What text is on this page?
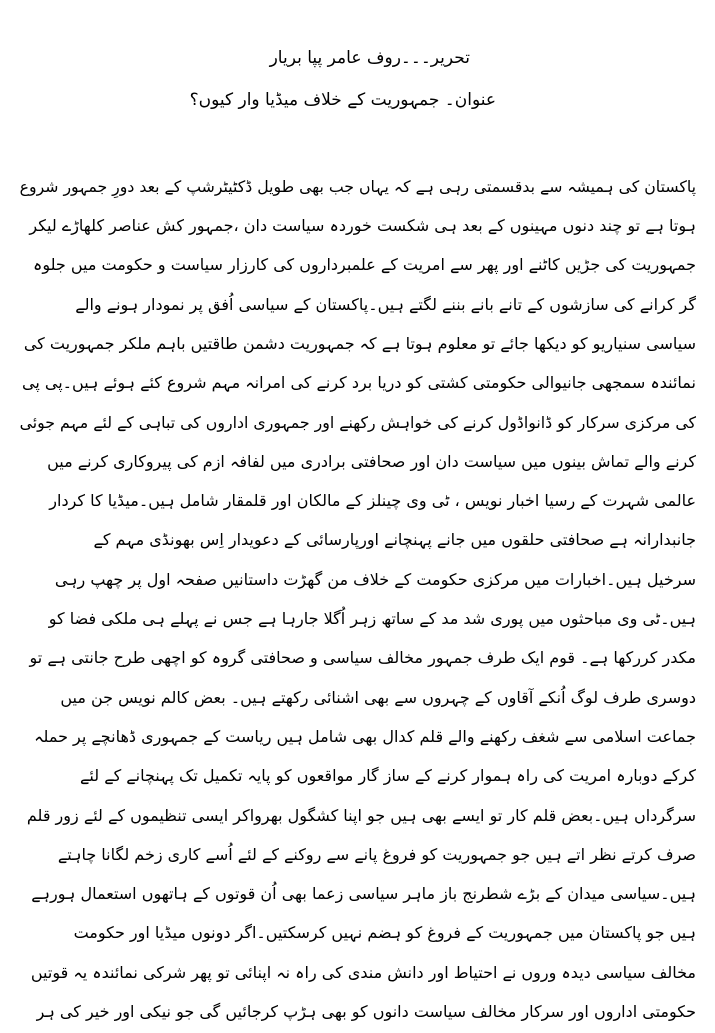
تحریر۔۔۔روف عامر پپا بریار
عنوان۔ جمہوریت کے خلاف میڈیا وار کیوں؟
پاکستان کی ہمیشہ سے بدقسمتی رہی ہے کہ یہاں جب بھی طویل ڈکٹیٹرشپ کے بعد دورِ جمہور شروع
ہوتا ہے تو چند دنوں مہینوں کے بعد ہی شکست خوردہ سیاست دان ،جمہور کش عناصر کلھاڑے لیکر
جمہوریت کی جڑیں کاٹنے اور پھر سے امریت کے علمبرداروں کی کارزار سیاست و حکومت میں جلوہ
گر کرانے کی سازشوں کے تانے بانے بننے لگتے ہیں۔پاکستان کے سیاسی اُفق پر نمودار ہونے والے
سیاسی سنیاریو کو دیکھا جائے تو معلوم ہوتا ہے کہ جمہوریت دشمن طاقتیں باہم ملکر جمہوریت کی
نمائندہ سمجھی جانیوالی حکومتی کشتی کو دریا برد کرنے کی امرانہ مہم شروع کئے ہوئے ہیں۔پی پی
کی مرکزی سرکار کو ڈانواڈول کرنے کی خواہش رکھنے اور جمہوری اداروں کی تباہی کے لئے مہم جوئی
کرنے والے تماش بینوں میں سیاست دان اور صحافتی برادری میں لفافہ ازم کی پیروکاری کرنے میں
عالمی شہرت کے رسیا اخبار نویس ، ٹی وی چینلز کے مالکان اور قلمقار شامل ہیں۔میڈیا کا کردار
جانبدارانہ ہے صحافتی حلقوں میں جانے پہنچانے اورپارسائی کے دعویدار اِس بھونڈی مہم کے
سرخیل ہیں۔اخبارات میں مرکزی حکومت کے خلاف من گھڑت داستانیں صفحہ اول پر چھپ رہی
ہیں۔ٹی وی مباحثوں میں پوری شد مد کے ساتھ زہر اُگلا جارہا ہے جس نے پہلے ہی ملکی فضا کو
مکدر کررکھا ہے۔ قوم ایک طرف جمہور مخالف سیاسی و صحافتی گروہ کو اچھی طرح جانتی ہے تو
دوسری طرف لوگ اُنکے آقاوں کے چہروں سے بھی اشنائی رکھتے ہیں۔ بعض کالم نویس جن میں
جماعت اسلامی سے شغف رکھنے والے قلم کدال بھی شامل ہیں ریاست کے جمہوری ڈھانچے پر حملہ
کرکے دوبارہ امریت کی راہ ہموار کرنے کے ساز گار مواقعوں کو پایہ تکمیل تک پہنچانے کے لئے
سرگرداں ہیں۔بعض قلم کار تو ایسے بھی ہیں جو اپنا کشگول بھرواکر ایسی تنظیموں کے لئے زور قلم
صرف کرتے نظر اتے ہیں جو جمہوریت کو فروغ پانے سے روکنے کے لئے اُسے کاری زخم لگانا چاہتے
ہیں۔سیاسی میدان کے بڑے شطرنج باز ماہر سیاسی زعما بھی اُن قوتوں کے ہاتھوں استعمال ہورہے
ہیں جو پاکستان میں جمہوریت کے فروغ کو ہضم نہیں کرسکتیں۔اگر دونوں میڈیا اور حکومت
مخالف سیاسی دیدہ وروں نے احتیاط اور دانش مندی کی راہ نہ اپنائی تو پھر شرکی نمائندہ یہ قوتیں
حکومتی اداروں اور سرکار مخالف سیاست دانوں کو بھی ہڑپ کرجائیں گی جو نیکی اور خیر کی ہر
